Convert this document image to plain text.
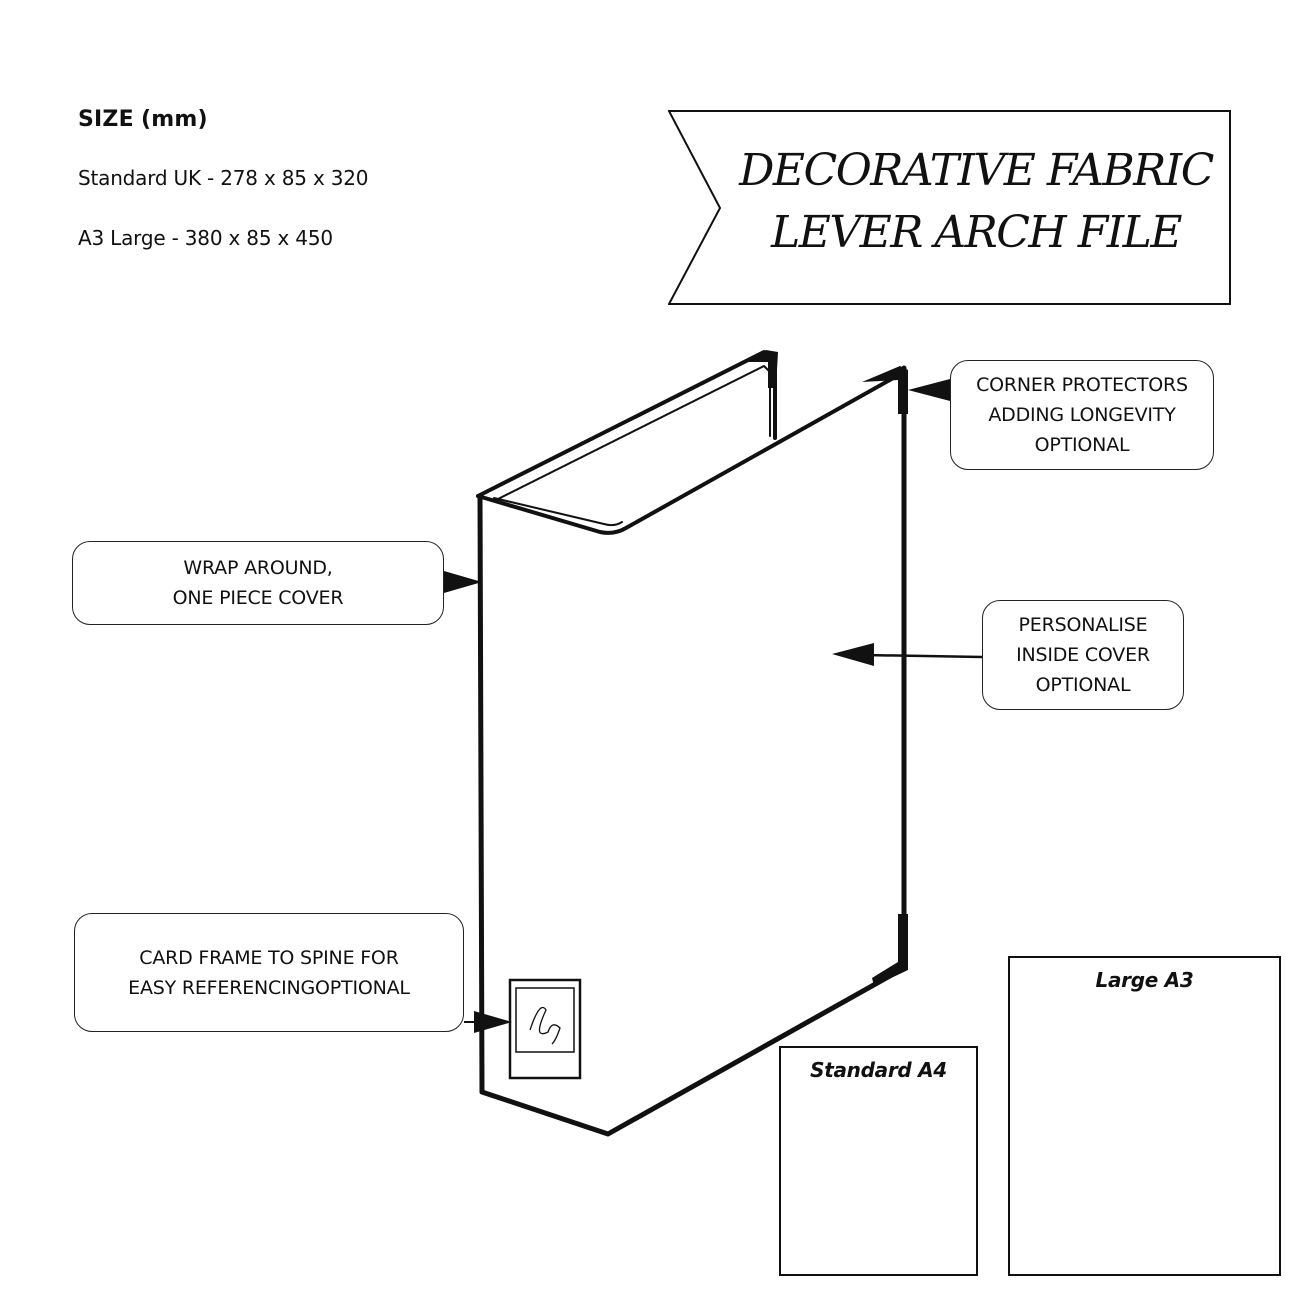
SIZE (mm)
Standard UK - 278 x 85 x 320
A3 Large - 380 x 85 x 450
DECORATIVE FABRIC
LEVER ARCH FILE
CORNER PROTECTORS
ADDING LONGEVITY
OPTIONAL
WRAP AROUND,
ONE PIECE COVER
PERSONALISE
INSIDE COVER
OPTIONAL
CARD FRAME TO SPINE FOR
EASY REFERENCINGOPTIONAL
Standard A4
Large A3
